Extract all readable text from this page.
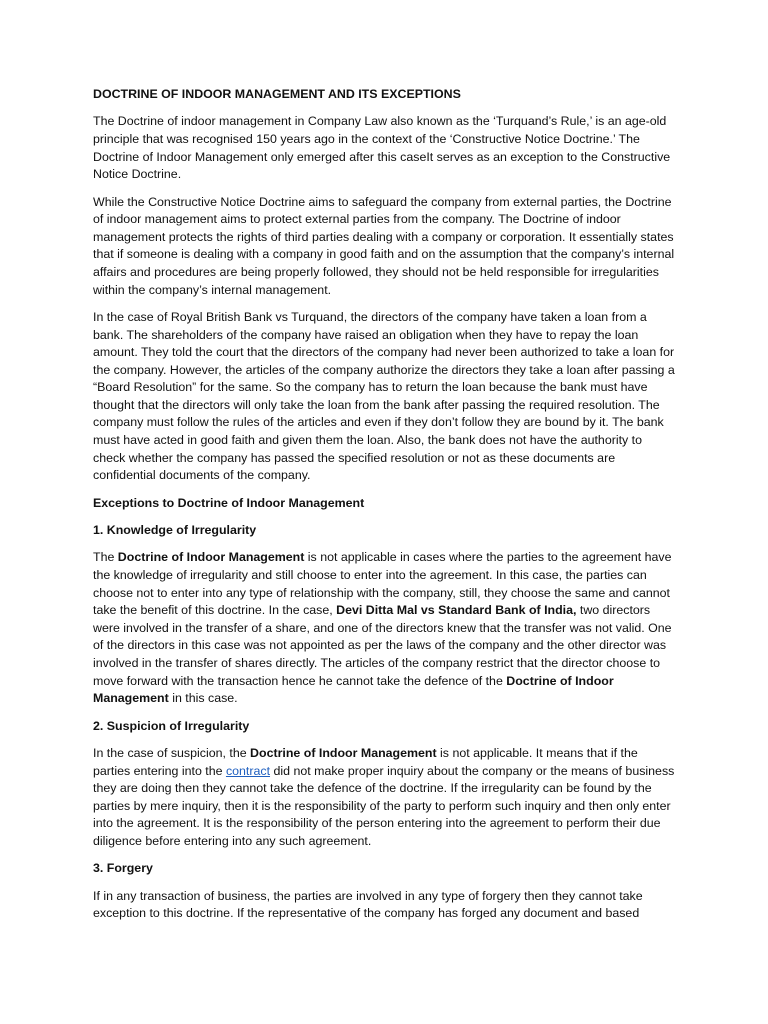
DOCTRINE OF INDOOR MANAGEMENT AND ITS EXCEPTIONS

The Doctrine of indoor management in Company Law also known as the ‘Turquand’s Rule,’ is an age-old principle that was recognised 150 years ago in the context of the ‘Constructive Notice Doctrine.’ The Doctrine of Indoor Management only emerged after this caseIt serves as an exception to the Constructive Notice Doctrine.

While the Constructive Notice Doctrine aims to safeguard the company from external parties, the Doctrine of indoor management aims to protect external parties from the company. The Doctrine of indoor management protects the rights of third parties dealing with a company or corporation. It essentially states that if someone is dealing with a company in good faith and on the assumption that the company’s internal affairs and procedures are being properly followed, they should not be held responsible for irregularities within the company’s internal management.

In the case of Royal British Bank vs Turquand, the directors of the company have taken a loan from a bank. The shareholders of the company have raised an obligation when they have to repay the loan amount. They told the court that the directors of the company had never been authorized to take a loan for the company. However, the articles of the company authorize the directors they take a loan after passing a “Board Resolution” for the same. So the company has to return the loan because the bank must have thought that the directors will only take the loan from the bank after passing the required resolution. The company must follow the rules of the articles and even if they don’t follow they are bound by it. The bank must have acted in good faith and given them the loan. Also, the bank does not have the authority to check whether the company has passed the specified resolution or not as these documents are confidential documents of the company.

Exceptions to Doctrine of Indoor Management
1. Knowledge of Irregularity

The Doctrine of Indoor Management is not applicable in cases where the parties to the agreement have the knowledge of irregularity and still choose to enter into the agreement. In this case, the parties can choose not to enter into any type of relationship with the company, still, they choose the same and cannot take the benefit of this doctrine. In the case, Devi Ditta Mal vs Standard Bank of India, two directors were involved in the transfer of a share, and one of the directors knew that the transfer was not valid. One of the directors in this case was not appointed as per the laws of the company and the other director was involved in the transfer of shares directly. The articles of the company restrict that the director choose to move forward with the transaction hence he cannot take the defence of the Doctrine of Indoor Management in this case.

2. Suspicion of Irregularity

In the case of suspicion, the Doctrine of Indoor Management is not applicable. It means that if the parties entering into the contract did not make proper inquiry about the company or the means of business they are doing then they cannot take the defence of the doctrine. If the irregularity can be found by the parties by mere inquiry, then it is the responsibility of the party to perform such inquiry and then only enter into the agreement. It is the responsibility of the person entering into the agreement to perform their due diligence before entering into any such agreement.

3. Forgery

If in any transaction of business, the parties are involved in any type of forgery then they cannot take exception to this doctrine. If the representative of the company has forged any document and based
